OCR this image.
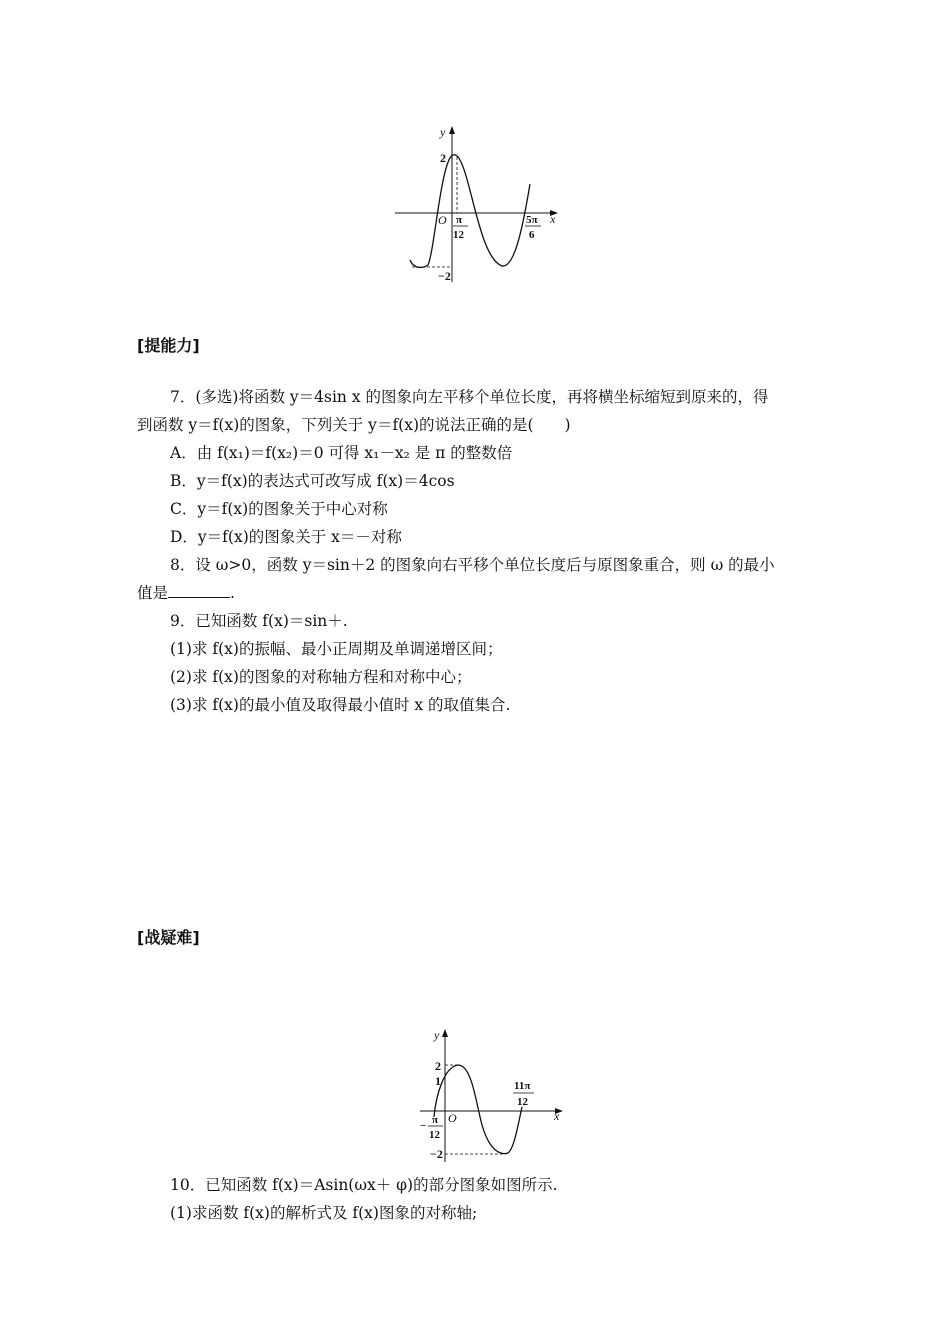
y
x
O
2
−2
π
12
5π
6
[提能力]
7．(多选)将函数 y＝4sin x 的图象向左平移个单位长度，再将横坐标缩短到原来的，得
到函数 y＝f(x)的图象，下列关于 y＝f(x)的说法正确的是(　　)
A．由 f(x₁)＝f(x₂)＝0 可得 x₁－x₂ 是 π 的整数倍
B．y＝f(x)的表达式可改写成 f(x)＝4cos
C．y＝f(x)的图象关于中心对称
D．y＝f(x)的图象关于 x＝－对称
8．设 ω>0，函数 y＝sin＋2 的图象向右平移个单位长度后与原图象重合，则 ω 的最小
值是	.
9．已知函数 f(x)＝sin＋.
(1)求 f(x)的振幅、最小正周期及单调递增区间；
(2)求 f(x)的图象的对称轴方程和对称中心；
(3)求 f(x)的最小值及取得最小值时 x 的取值集合.
[战疑难]
y
x
O
2
1
−2
− π
12
11π
12
10．已知函数 f(x)＝Asin(ωx＋ φ)的部分图象如图所示.
(1)求函数 f(x)的解析式及 f(x)图象的对称轴;
